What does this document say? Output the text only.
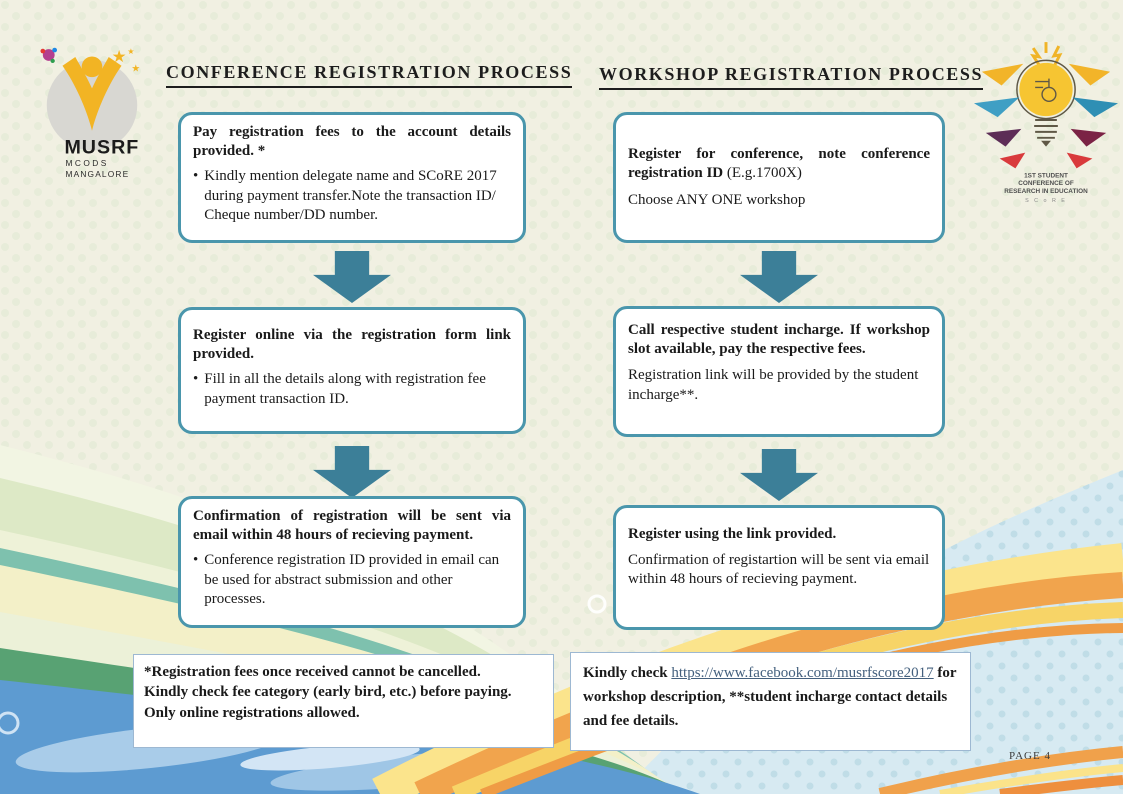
★
★
★
MUSRF
MCODS
MANGALORE	1ST STUDENT
CONFERENCE OF
RESEARCH IN EDUCATION
S C o R E
CONFERENCE REGISTRATION PROCESS WORKSHOP REGISTRATION PROCESS
Pay registration fees to the account details provided. *
• Kindly mention delegate name and SCoRE 2017 during payment transfer.Note the transaction ID/ Cheque number/DD number.
Register online via the registration form link provided.
• Fill in all the details along with registration fee payment transaction ID.
Confirmation of registration will be sent via email within 48 hours of recieving payment.
• Conference registration ID provided in email can be used for abstract submission and other processes.
Register for conference, note conference registration ID (E.g.1700X)
Choose ANY ONE workshop
Call respective student incharge. If workshop slot available, pay the respective fees.
Registration link will be provided by the student incharge**.
Register using the link provided.
Confirmation of registartion will be sent via email within 48 hours of recieving payment.
*Registration fees once received cannot be cancelled.
Kindly check fee category (early bird, etc.) before paying.
Only online registrations allowed.
Kindly check https://www.facebook.com/musrfscore2017 for workshop description, **student incharge contact details and fee details.
PAGE 4
